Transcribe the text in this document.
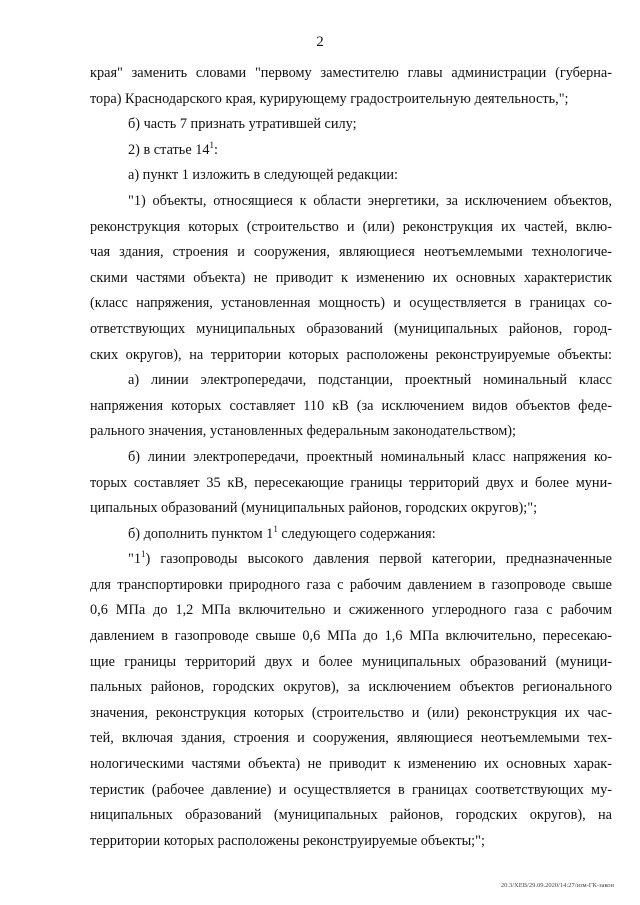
2
края" заменить словами "первому заместителю главы администрации (губерна-
тора) Краснодарского края, курирующему градостроительную деятельность,";
б) часть 7 признать утратившей силу;
2) в статье $14^1$:
а) пункт 1 изложить в следующей редакции:
"1) объекты, относящиеся к области энергетики, за исключением объектов,
реконструкция которых (строительство и (или) реконструкция их частей, вклю-
чая здания, строения и сооружения, являющиеся неотъемлемыми технологиче-
скими частями объекта) не приводит к изменению их основных характеристик
(класс напряжения, установленная мощность) и осуществляется в границах со-
ответствующих муниципальных образований (муниципальных районов, город-
ских округов), на территории которых расположены реконструируемые объекты:
а) линии электропередачи, подстанции, проектный номинальный класс
напряжения которых составляет 110 кВ (за исключением видов объектов феде-
рального значения, установленных федеральным законодательством);
б) линии электропередачи, проектный номинальный класс напряжения ко-
торых составляет 35 кВ, пересекающие границы территорий двух и более муни-
ципальных образований (муниципальных районов, городских округов);";
б) дополнить пунктом $1^1$ следующего содержания:
"$1^1$) газопроводы высокого давления первой категории, предназначенные
для транспортировки природного газа с рабочим давлением в газопроводе свыше
0,6 МПа до 1,2 МПа включительно и сжиженного углеродного газа с рабочим
давлением в газопроводе свыше 0,6 МПа до 1,6 МПа включительно, пересекаю-
щие границы территорий двух и более муниципальных образований (муници-
пальных районов, городских округов), за исключением объектов регионального
значения, реконструкция которых (строительство и (или) реконструкция их час-
тей, включая здания, строения и сооружения, являющиеся неотъемлемыми тех-
нологическими частями объекта) не приводит к изменению их основных харак-
теристик (рабочее давление) и осуществляется в границах соответствующих му-
ниципальных образований (муниципальных районов, городских округов), на
территории которых расположены реконструируемые объекты;";
20.3/ХЕВ/29.09.2020/14:27/изм-ГК-закон
